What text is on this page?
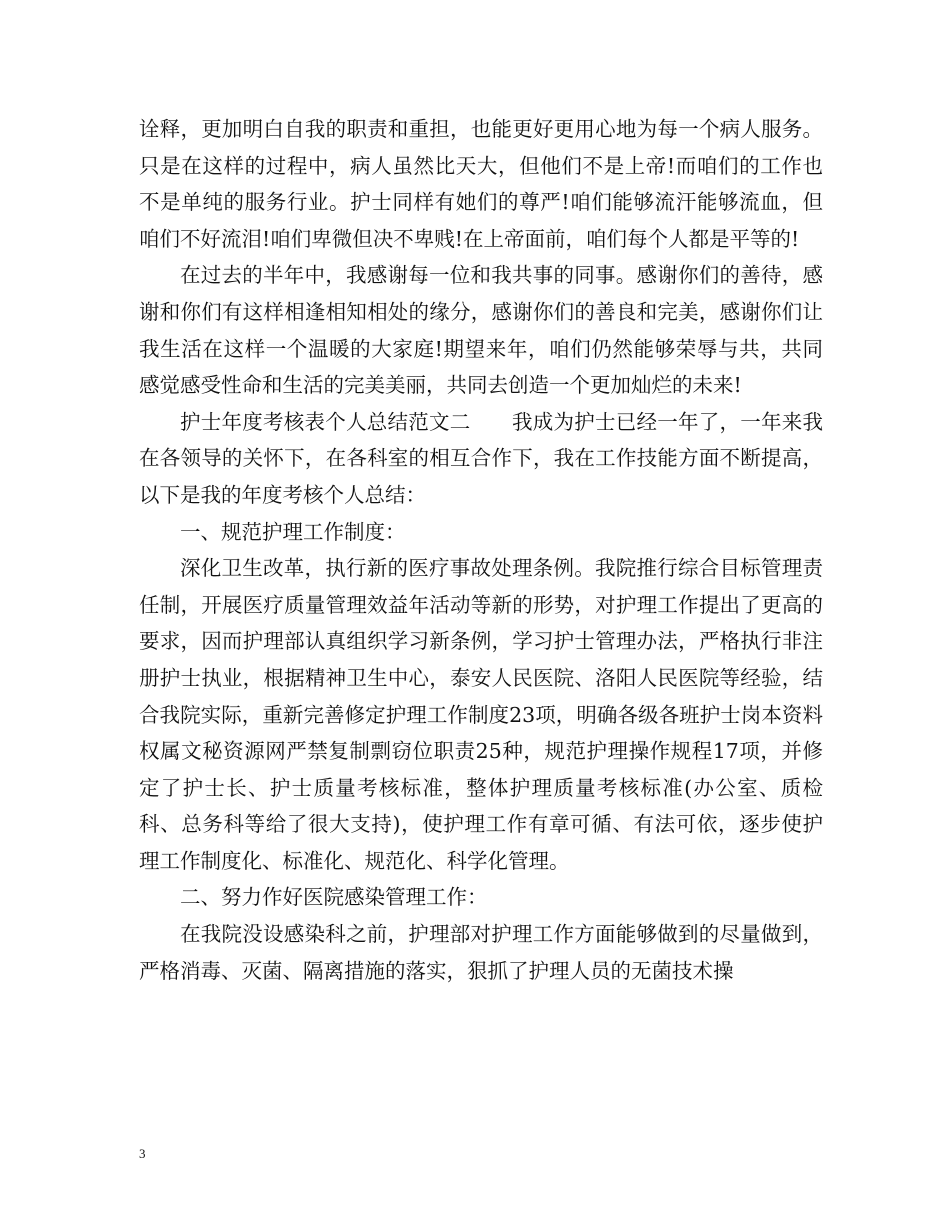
诠释，更加明白自我的职责和重担，也能更好更用心地为每一个病人服务。只是在这样的过程中，病人虽然比天大，但他们不是上帝!而咱们的工作也不是单纯的服务行业。护士同样有她们的尊严!咱们能够流汗能够流血，但咱们不好流泪!咱们卑微但决不卑贱!在上帝面前，咱们每个人都是平等的!

在过去的半年中，我感谢每一位和我共事的同事。感谢你们的善待，感谢和你们有这样相逢相知相处的缘分，感谢你们的善良和完美，感谢你们让我生活在这样一个温暖的大家庭!期望来年，咱们仍然能够荣辱与共，共同感觉感受性命和生活的完美美丽，共同去创造一个更加灿烂的未来!

护士年度考核表个人总结范文二　　我成为护士已经一年了，一年来我在各领导的关怀下，在各科室的相互合作下，我在工作技能方面不断提高，以下是我的年度考核个人总结：

一、规范护理工作制度：

深化卫生改革，执行新的医疗事故处理条例。我院推行综合目标管理责任制，开展医疗质量管理效益年活动等新的形势，对护理工作提出了更高的要求，因而护理部认真组织学习新条例，学习护士管理办法，严格执行非注册护士执业，根据精神卫生中心，泰安人民医院、洛阳人民医院等经验，结合我院实际，重新完善修定护理工作制度23项，明确各级各班护士岗本资料权属文秘资源网严禁复制剽窃位职责25种，规范护理操作规程17项，并修定了护士长、护士质量考核标准，整体护理质量考核标准(办公室、质检科、总务科等给了很大支持)，使护理工作有章可循、有法可依，逐步使护理工作制度化、标准化、规范化、科学化管理。

二、努力作好医院感染管理工作：

在我院没设感染科之前，护理部对护理工作方面能够做到的尽量做到，严格消毒、灭菌、隔离措施的落实，狠抓了护理人员的无菌技术操

3
